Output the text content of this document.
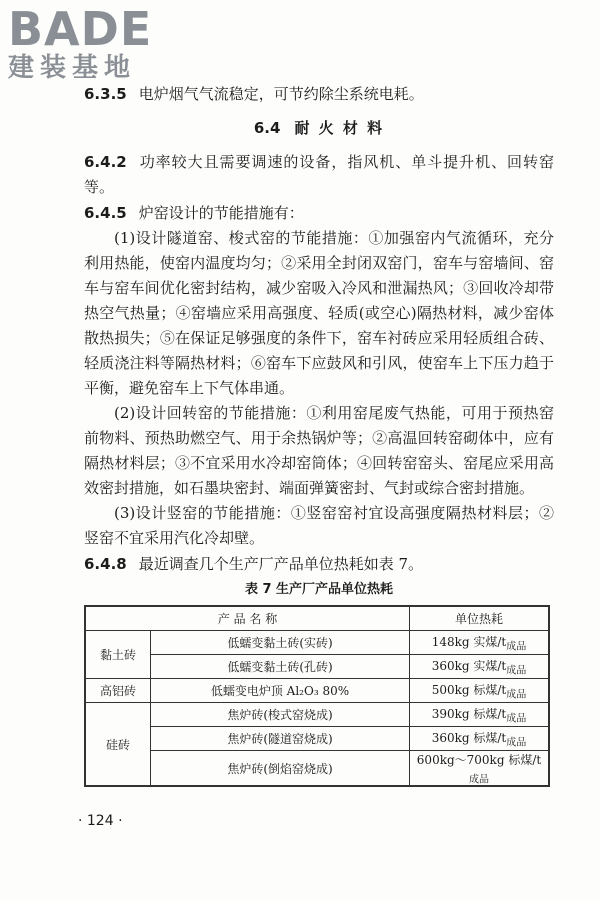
BADE
建装基地

6.3.5 电炉烟气气流稳定，可节约除尘系统电耗。

6.4 耐 火 材 料

6.4.2 功率较大且需要调速的设备，指风机、单斗提升机、回转窑等。

6.4.5 炉窑设计的节能措施有：

(1)设计隧道窑、梭式窑的节能措施：①加强窑内气流循环，充分利用热能，使窑内温度均匀；②采用全封闭双窑门，窑车与窑墙间、窑车与窑车间优化密封结构，减少窑吸入冷风和泄漏热风；③回收冷却带热空气热量；④窑墙应采用高强度、轻质(或空心)隔热材料，减少窑体散热损失；⑤在保证足够强度的条件下，窑车衬砖应采用轻质组合砖、轻质浇注料等隔热材料；⑥窑车下应鼓风和引风，使窑车上下压力趋于平衡，避免窑车上下气体串通。

(2)设计回转窑的节能措施：①利用窑尾废气热能，可用于预热窑前物料、预热助燃空气、用于余热锅炉等；②高温回转窑砌体中，应有隔热材料层；③不宜采用水冷却窑筒体；④回转窑窑头、窑尾应采用高效密封措施，如石墨块密封、端面弹簧密封、气封或综合密封措施。

(3)设计竖窑的节能措施：①竖窑窑衬宜设高强度隔热材料层；②竖窑不宜采用汽化冷却壁。

6.4.8 最近调查几个生产厂产品单位热耗如表 7。

表 7 生产厂产品单位热耗
产 品 名 称		单位热耗
黏土砖	低蠕变黏土砖(实砖)	148kg 实煤$/t_{成品}$
	低蠕变黏土砖(孔砖)	360kg 实煤$/t_{成品}$
高铝砖	低蠕变电炉顶 Al₂O₃ 80%	500kg 标煤$/t_{成品}$
硅砖	焦炉砖(梭式窑烧成)	390kg 标煤$/t_{成品}$
	焦炉砖(隧道窑烧成)	360kg 标煤$/t_{成品}$
	焦炉砖(倒焰窑烧成)	600kg～700kg 标煤$/t_{成品}$
· 124 ·
